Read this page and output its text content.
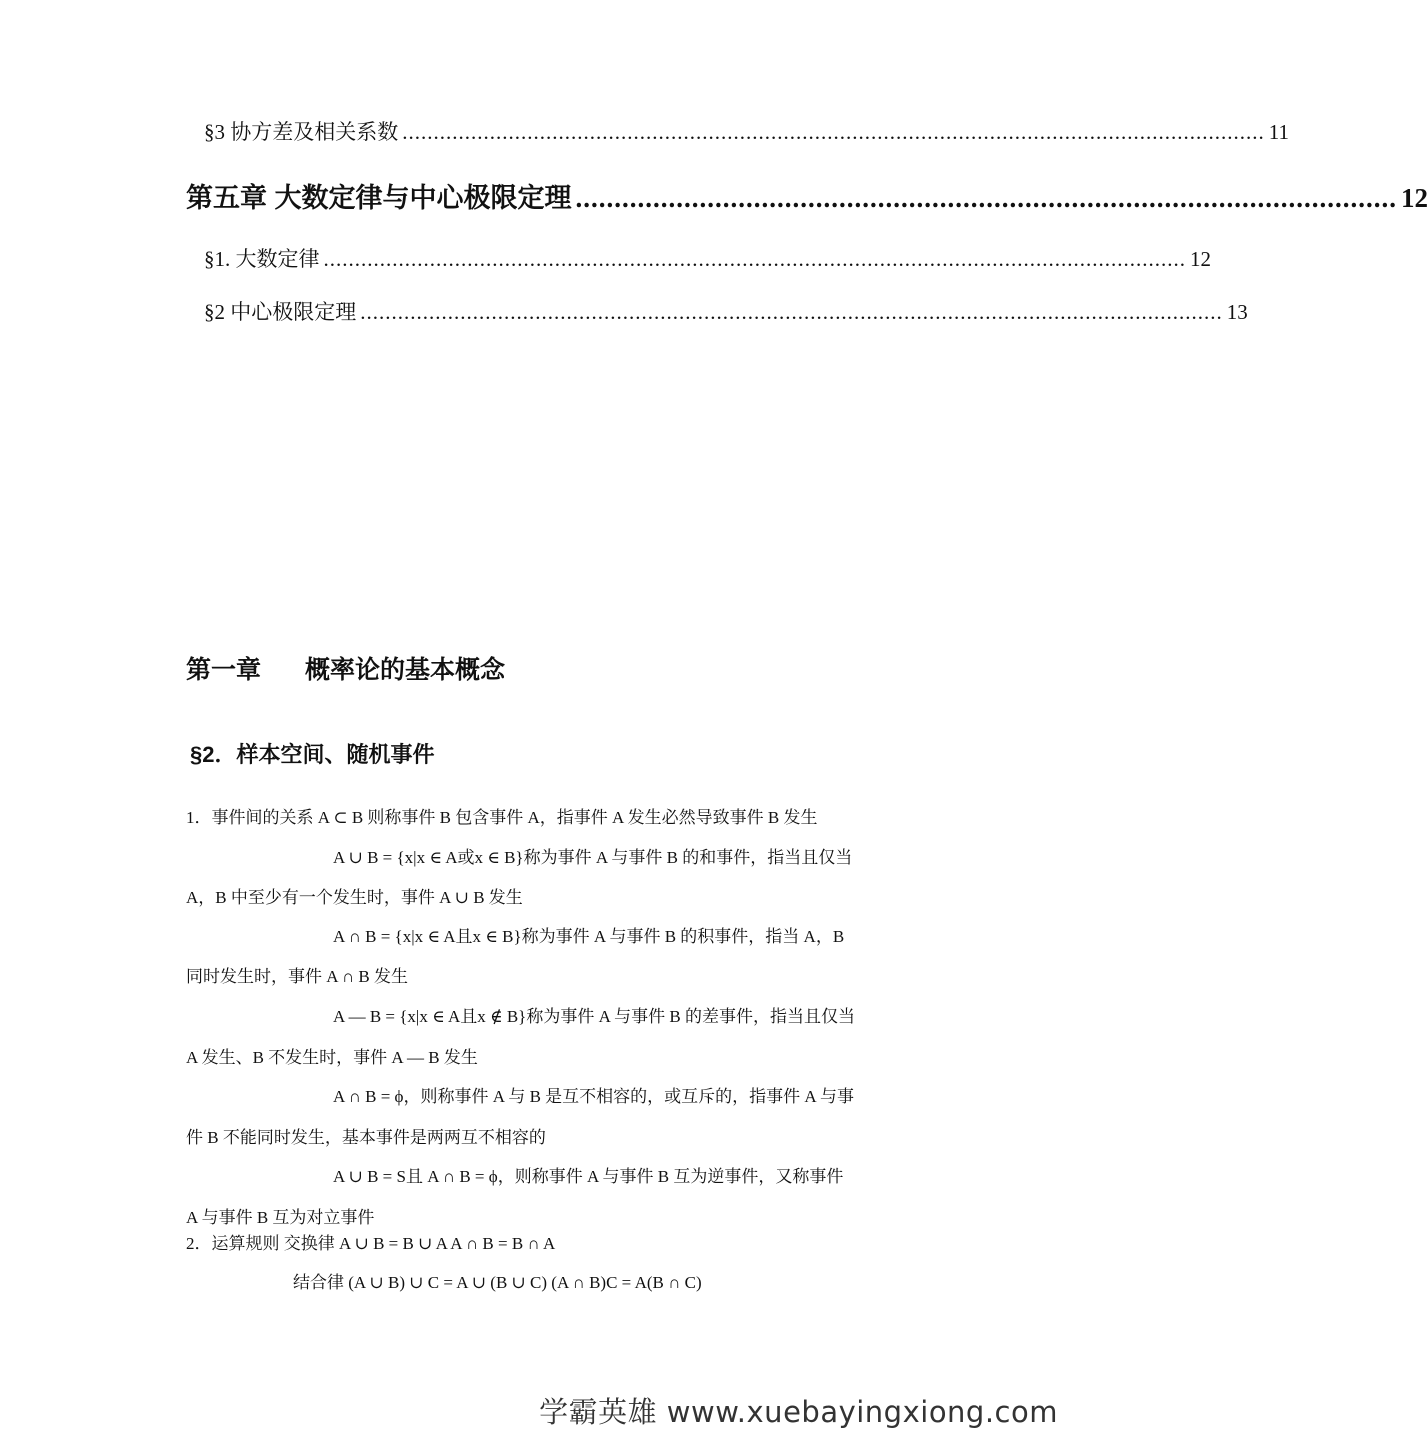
§3 协方差及相关系数 .......................................................................................................................................... 11
第五章 大数定律与中心极限定理 .......................................................................................................... 12
§1. 大数定律 .......................................................................................................................................... 12
§2 中心极限定理 .......................................................................................................................................... 13
第一章 概率论的基本概念
§2．样本空间、随机事件
1．事件间的关系 A ⊂ B 则称事件 B 包含事件 A，指事件 A 发生必然导致事件 B 发生
A ∪ B = {x|x ∈ A或x ∈ B}称为事件 A 与事件 B 的和事件，指当且仅当
A，B 中至少有一个发生时，事件 A ∪ B 发生
A ∩ B = {x|x ∈ A且x ∈ B}称为事件 A 与事件 B 的积事件，指当 A，B
同时发生时，事件 A ∩ B 发生
A — B = {x|x ∈ A且x ∉ B}称为事件 A 与事件 B 的差事件，指当且仅当
A 发生、B 不发生时，事件 A — B 发生
A ∩ B = ϕ，则称事件 A 与 B 是互不相容的，或互斥的，指事件 A 与事
件 B 不能同时发生，基本事件是两两互不相容的
A ∪ B = S且 A ∩ B = ϕ，则称事件 A 与事件 B 互为逆事件，又称事件
A 与事件 B 互为对立事件
2．运算规则 交换律 A ∪ B = B ∪ A A ∩ B = B ∩ A
结合律 (A ∪ B) ∪ C = A ∪ (B ∪ C) (A ∩ B)C = A(B ∩ C)
学霸英雄 www.xuebayingxiong.com
